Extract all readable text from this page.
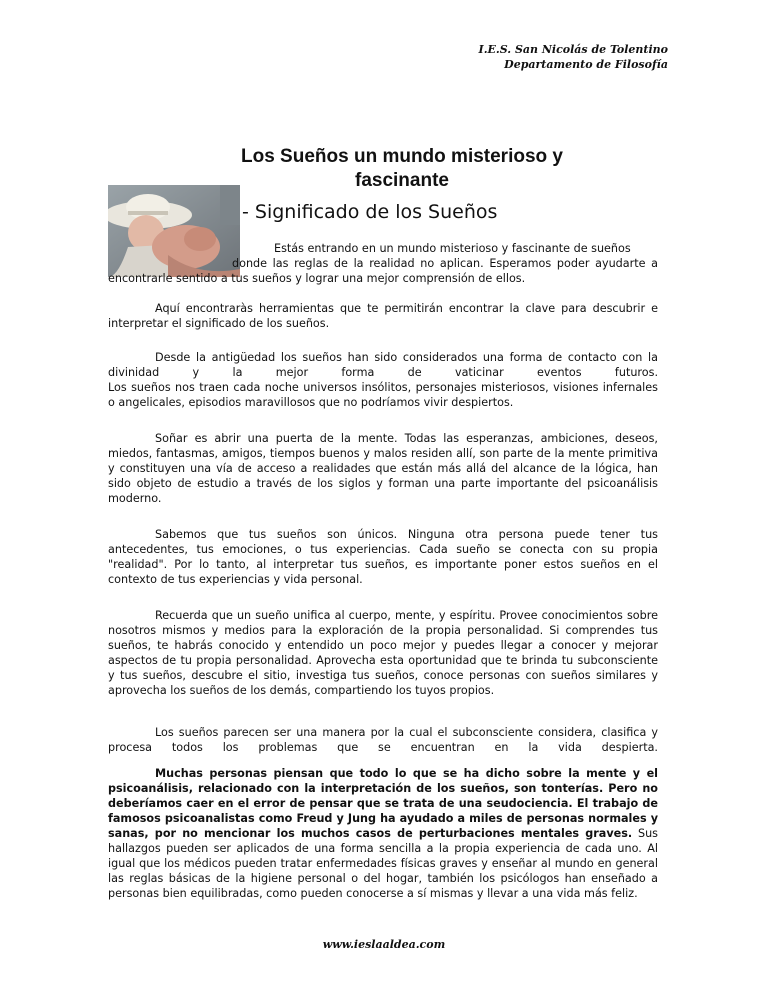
I.E.S. San Nicolás de Tolentino
Departamento de Filosofía
Los Sueños un mundo misterioso y fascinante
- Significado de los Sueños
Estás entrando en un mundo misterioso y fascinante de sueños
donde las reglas de la realidad no aplican. Esperamos poder ayudarte a
encontrarle sentido a tus sueños y lograr una mejor comprensión de ellos.

Aquí encontraràs herramientas que te permitirán encontrar la clave para descubrir e interpretar el significado de los sueños.

Desde la antigüedad los sueños han sido considerados una forma de contacto con la divinidad y la mejor forma de vaticinar eventos futuros.

Los sueños nos traen cada noche universos insólitos, personajes misteriosos, visiones infernales o angelicales, episodios maravillosos que no podríamos vivir despiertos.

Soñar es abrir una puerta de la mente. Todas las esperanzas, ambiciones, deseos, miedos, fantasmas, amigos, tiempos buenos y malos residen allí, son parte de la mente primitiva y constituyen una vía de acceso a realidades que están más allá del alcance de la lógica, han sido objeto de estudio a través de los siglos y forman una parte importante del psicoanálisis moderno.

Sabemos que tus sueños son únicos. Ninguna otra persona puede tener tus antecedentes, tus emociones, o tus experiencias. Cada sueño se conecta con su propia "realidad". Por lo tanto, al interpretar tus sueños, es importante poner estos sueños en el contexto de tus experiencias y vida personal.

Recuerda que un sueño unifica al cuerpo, mente, y espíritu. Provee conocimientos sobre nosotros mismos y medios para la exploración de la propia personalidad. Si comprendes tus sueños, te habrás conocido y entendido un poco mejor y puedes llegar a conocer y mejorar aspectos de tu propia personalidad. Aprovecha esta oportunidad que te brinda tu subconsciente y tus sueños, descubre el sitio, investiga tus sueños, conoce personas con sueños similares y aprovecha los sueños de los demás, compartiendo los tuyos propios.

Los sueños parecen ser una manera por la cual el subconsciente considera, clasifica y procesa todos los problemas que se encuentran en la vida despierta.

Muchas personas piensan que todo lo que se ha dicho sobre la mente y el psicoanálisis, relacionado con la interpretación de los sueños, son tonterías. Pero no deberíamos caer en el error de pensar que se trata de una seudociencia. El trabajo de famosos psicoanalistas como Freud y Jung ha ayudado a miles de personas normales y sanas, por no mencionar los muchos casos de perturbaciones mentales graves. Sus hallazgos pueden ser aplicados de una forma sencilla a la propia experiencia de cada uno. Al igual que los médicos pueden tratar enfermedades físicas graves y enseñar al mundo en general las reglas básicas de la higiene personal o del hogar, también los psicólogos han enseñado a personas bien equilibradas, como pueden conocerse a sí mismas y llevar a una vida más feliz.

www.ieslaaldea.com
